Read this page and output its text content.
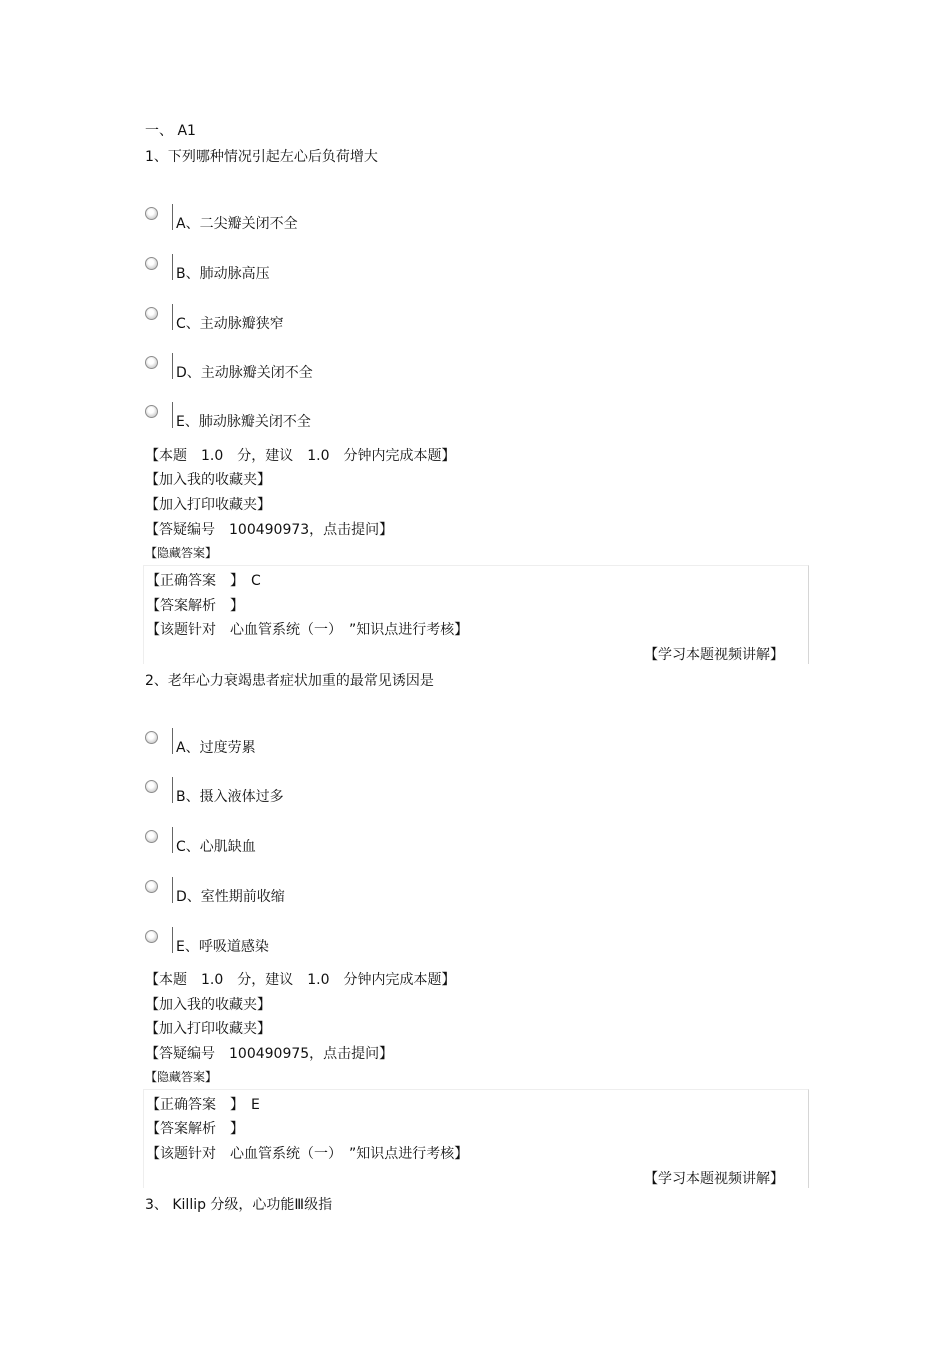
一、 A1
1、下列哪种情况引起左心后负荷增大
A、二尖瓣关闭不全
B、肺动脉高压
C、主动脉瓣狭窄
D、主动脉瓣关闭不全
E、肺动脉瓣关闭不全
【本题　1.0　分，建议　1.0　分钟内完成本题】
【加入我的收藏夹】
【加入打印收藏夹】
【答疑编号　100490973，点击提问】
【隐藏答案】
【正确答案　】　C
【答案解析　】
【该题针对　心血管系统（一）　”知识点进行考核】
【学习本题视频讲解】
2、老年心力衰竭患者症状加重的最常见诱因是
A、过度劳累
B、摄入液体过多
C、心肌缺血
D、室性期前收缩
E、呼吸道感染
【本题　1.0　分，建议　1.0　分钟内完成本题】
【加入我的收藏夹】
【加入打印收藏夹】
【答疑编号　100490975，点击提问】
【隐藏答案】
【正确答案　】　E
【答案解析　】
【该题针对　心血管系统（一）　”知识点进行考核】
【学习本题视频讲解】
3、 Killip 分级，心功能Ⅲ级指
